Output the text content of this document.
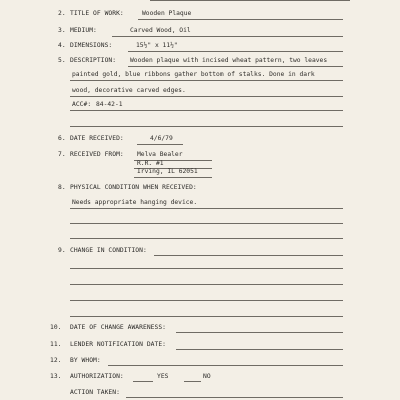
2. TITLE OF WORK:	Wooden Plaque
3. MEDIUM:	Carved Wood, Oil
4. DIMENSIONS:	15½" x 11½"
5. DESCRIPTION: Wooden plaque with incised wheat pattern, two leaves
painted gold, blue ribbons gather bottom of stalks. Done in dark
wood, decorative carved edges.
ACC#: 84-42-1
6. DATE RECEIVED:	4/6/79
7. RECEIVED FROM: Melva Bealer
R.R. #1
Irving, IL 62051
8. PHYSICAL CONDITION WHEN RECEIVED:
Needs appropriate hanging device.
9. CHANGE IN CONDITION:
10. DATE OF CHANGE AWARENESS:
11. LENDER NOTIFICATION DATE:
12. BY WHOM:
13. AUTHORIZATION:	YES	NO
ACTION TAKEN:
